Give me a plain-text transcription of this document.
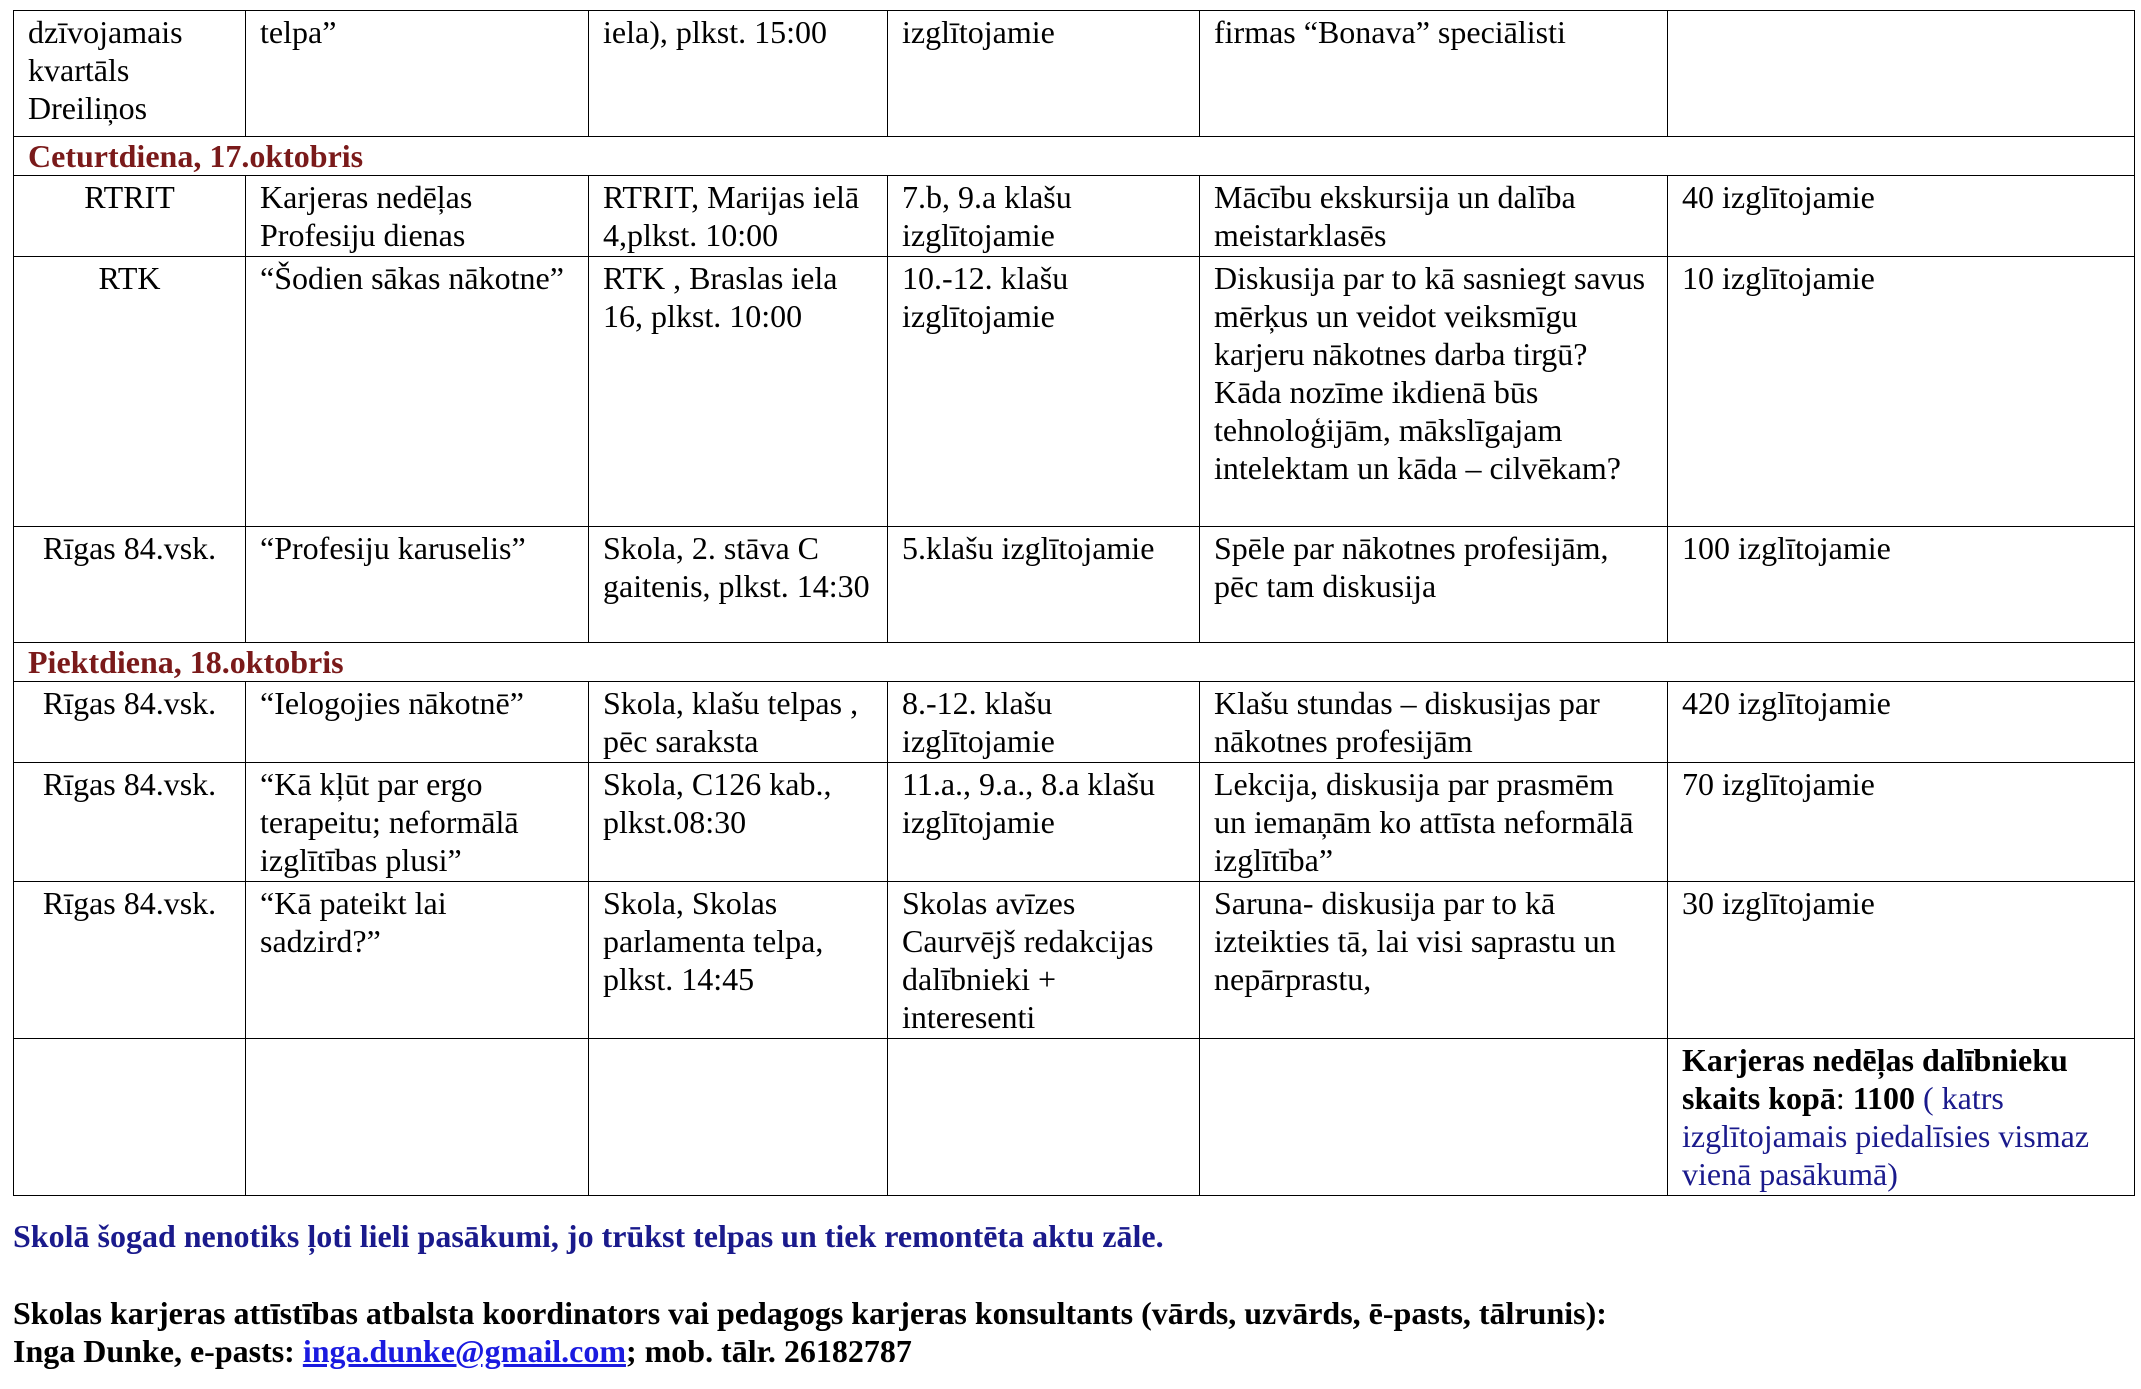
dzīvojamais kvartāls Dreiliņos	telpa”	iela), plkst. 15:00	izglītojamie	firmas “Bonava” speciālisti	
Ceturtdiena, 17.oktobris					
RTRIT	Karjeras nedēļas Profesiju dienas	RTRIT, Marijas ielā 4,plkst. 10:00	7.b, 9.a klašu izglītojamie	Mācību ekskursija un dalība meistarklasēs	40 izglītojamie
RTK	“Šodien sākas nākotne”	RTK , Braslas iela 16, plkst. 10:00	10.-12. klašu izglītojamie	Diskusija par to kā sasniegt savus mērķus un veidot veiksmīgu karjeru nākotnes darba tirgū? Kāda nozīme ikdienā būs tehnoloģijām, mākslīgajam intelektam un kāda – cilvēkam?	10 izglītojamie
Rīgas 84.vsk.	“Profesiju karuselis”	Skola, 2. stāva C gaitenis, plkst. 14:30	5.klašu izglītojamie	Spēle par nākotnes profesijām, pēc tam diskusija	100 izglītojamie
Piektdiena, 18.oktobris					
Rīgas 84.vsk.	“Ielogojies nākotnē”	Skola, klašu telpas , pēc saraksta	8.-12. klašu izglītojamie	Klašu stundas – diskusijas par nākotnes profesijām	420 izglītojamie
Rīgas 84.vsk.	“Kā kļūt par ergo terapeitu; neformālā izglītības plusi”	Skola, C126 kab., plkst.08:30	11.a., 9.a., 8.a klašu izglītojamie	Lekcija, diskusija par prasmēm un iemaņām ko attīsta neformālā izglītība”	70 izglītojamie
Rīgas 84.vsk.	“Kā pateikt lai sadzird?”	Skola, Skolas parlamenta telpa, plkst. 14:45	Skolas avīzes Caurvējš redakcijas dalībnieki + interesenti	Saruna- diskusija par to kā izteikties tā, lai visi saprastu un nepārprastu,	30 izglītojamie
					Karjeras nedēļas dalībnieku skaits kopā: 1100 ( katrs izglītojamais piedalīsies vismaz vienā pasākumā)
Skolā šogad nenotiks ļoti lieli pasākumi, jo trūkst telpas un tiek remontēta aktu zāle.
Skolas karjeras attīstības atbalsta koordinators vai pedagogs karjeras konsultants (vārds, uzvārds, ē-pasts, tālrunis):
Inga Dunke, e-pasts: inga.dunke@gmail.com; mob. tālr. 26182787
